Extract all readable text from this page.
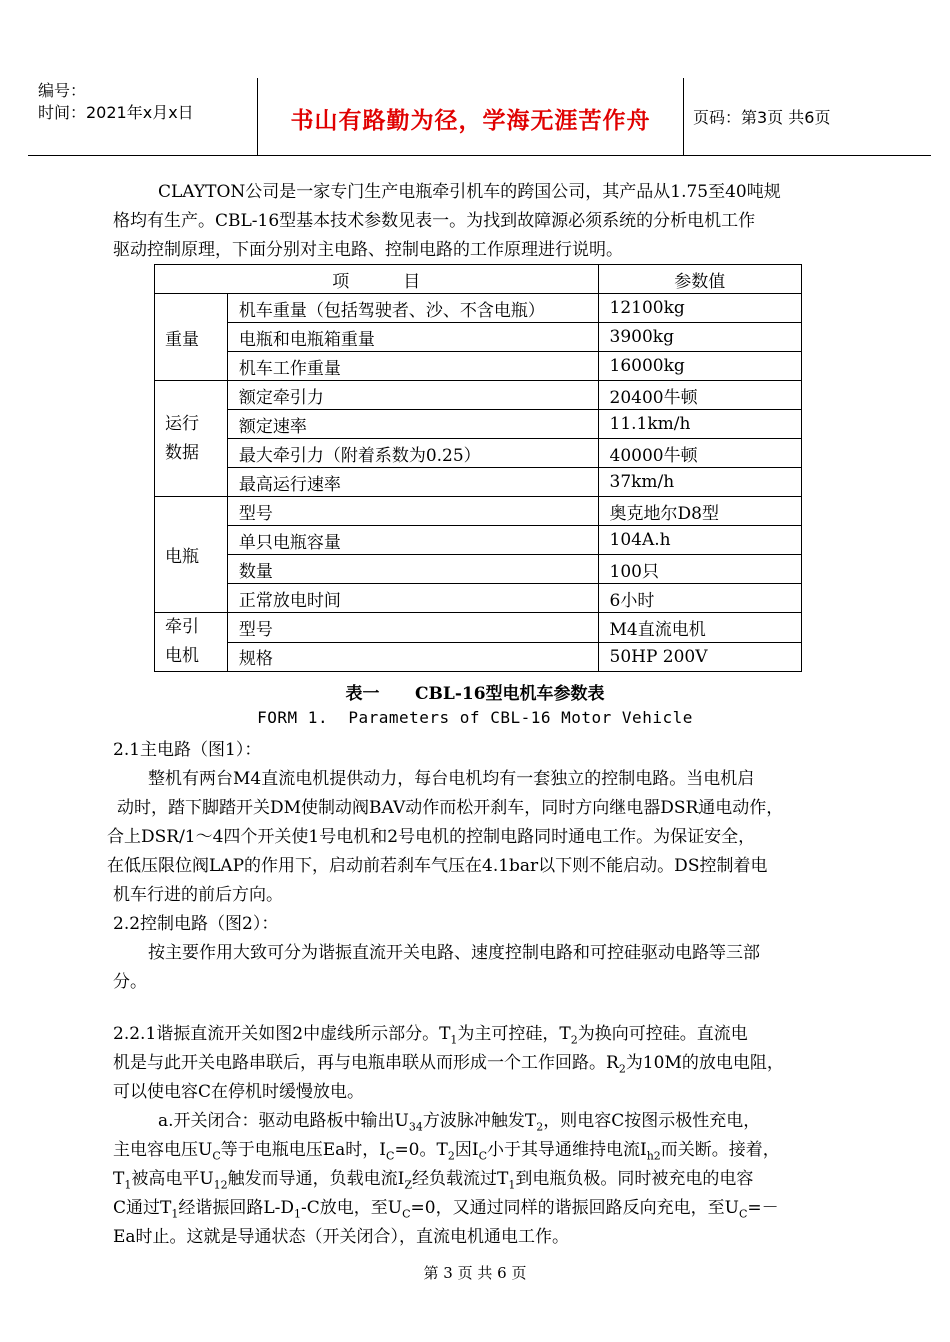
编号：
时间：2021年x月x日	书山有路勤为径，学海无涯苦作舟	页码：第3页 共6页
CLAYTON公司是一家专门生产电瓶牵引机车的跨国公司，其产品从1.75至40吨规
格均有生产。CBL-16型基本技术参数见表一。为找到故障源必须系统的分析电机工作
驱动控制原理，下面分别对主电路、控制电路的工作原理进行说明。
项          目		参数值
重量	机车重量（包括驾驶者、沙、不含电瓶）	12100kg
	电瓶和电瓶箱重量	3900kg
	机车工作重量	16000kg

运行
数据	额定牵引力	20400牛顿
	额定速率	11.1km/h
	最大牵引力（附着系数为0.25）	40000牛顿
	最高运行速率	37km/h
电瓶	型号	奥克地尔D8型
	单只电瓶容量	104A.h
	数量	100只
	正常放电时间	6小时

牵引
电机	型号	M4直流电机
	规格	50HP 200V
表一      CBL-16型电机车参数表
FORM 1.  Parameters of CBL-16 Motor Vehicle
2.1主电路（图1）：
整机有两台M4直流电机提供动力，每台电机均有一套独立的控制电路。当电机启
动时，踏下脚踏开关DM使制动阀BAV动作而松开刹车，同时方向继电器DSR通电动作，
合上DSR/1～4四个开关使1号电机和2号电机的控制电路同时通电工作。为保证安全，
在低压限位阀LAP的作用下，启动前若刹车气压在4.1bar以下则不能启动。DS控制着电
机车行进的前后方向。
2.2控制电路（图2）：
按主要作用大致可分为谐振直流开关电路、速度控制电路和可控硅驱动电路等三部
分。
2.2.1谐振直流开关如图2中虚线所示部分。$T_1$为主可控硅，$T_2$为换向可控硅。直流电
机是与此开关电路串联后，再与电瓶串联从而形成一个工作回路。$R_2$为10M的放电电阻，
可以使电容C在停机时缓慢放电。
a.开关闭合：驱动电路板中输出$U_{34}$方波脉冲触发$T_2$，则电容C按图示极性充电，
主电容电压$U_C$等于电瓶电压Ea时，$I_C=0$。$T_2$因$I_C$小于其导通维持电流$I_{h2}$而关断。接着，
$T_1$被高电平$U_{12}$触发而导通，负载电流$I_Z$经负载流过$T_1$到电瓶负极。同时被充电的电容
C通过$T_1$经谐振回路$L-D_1-C$放电，至$U_C=0$，又通过同样的谐振回路反向充电，至$U_C=-$
Ea时止。这就是导通状态（开关闭合），直流电机通电工作。
第 3 页 共 6 页
